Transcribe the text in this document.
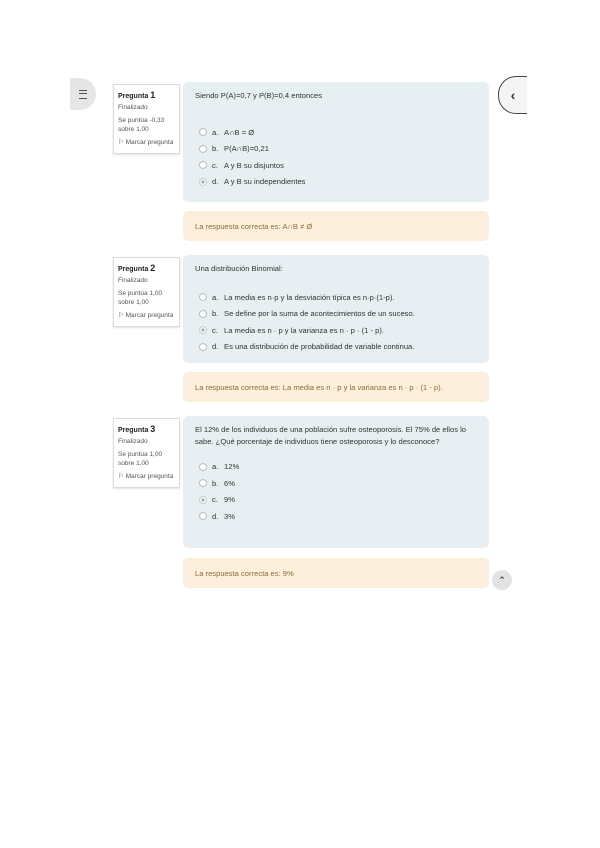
‹
Pregunta 1
Finalizado
Se puntúa -0,33 sobre 1,00
⚐ Marcar pregunta
Siendo P(A)=0,7 y P(B)=0,4 entonces
a. A∩B = Ø
b. P(A∩B)=0,21
c. A y B su disjuntos
d. A y B su independientes
La respuesta correcta es: A∩B ≠ Ø
Pregunta 2
Finalizado
Se puntúa 1,00 sobre 1,00
⚐ Marcar pregunta
Una distribución Binomial:
a. La media es n·p y la desviación típica es n·p·(1-p).
b. Se define por la suma de acontecimientos de un suceso.
c. La media es n · p y la varianza es n · p · (1 - p).
d. Es una distribución de probabilidad de variable continua.
La respuesta correcta es: La media es n · p y la varianza es n · p · (1 - p).
Pregunta 3
Finalizado
Se puntúa 1,00 sobre 1,00
⚐ Marcar pregunta
El 12% de los individuos de una población sufre osteoporosis. El 75% de ellos lo sabe. ¿Qué porcentaje de individuos tiene osteoporosis y lo desconoce?
a. 12%
b. 6%
c. 9%
d. 3%
La respuesta correcta es: 9%
⌃
